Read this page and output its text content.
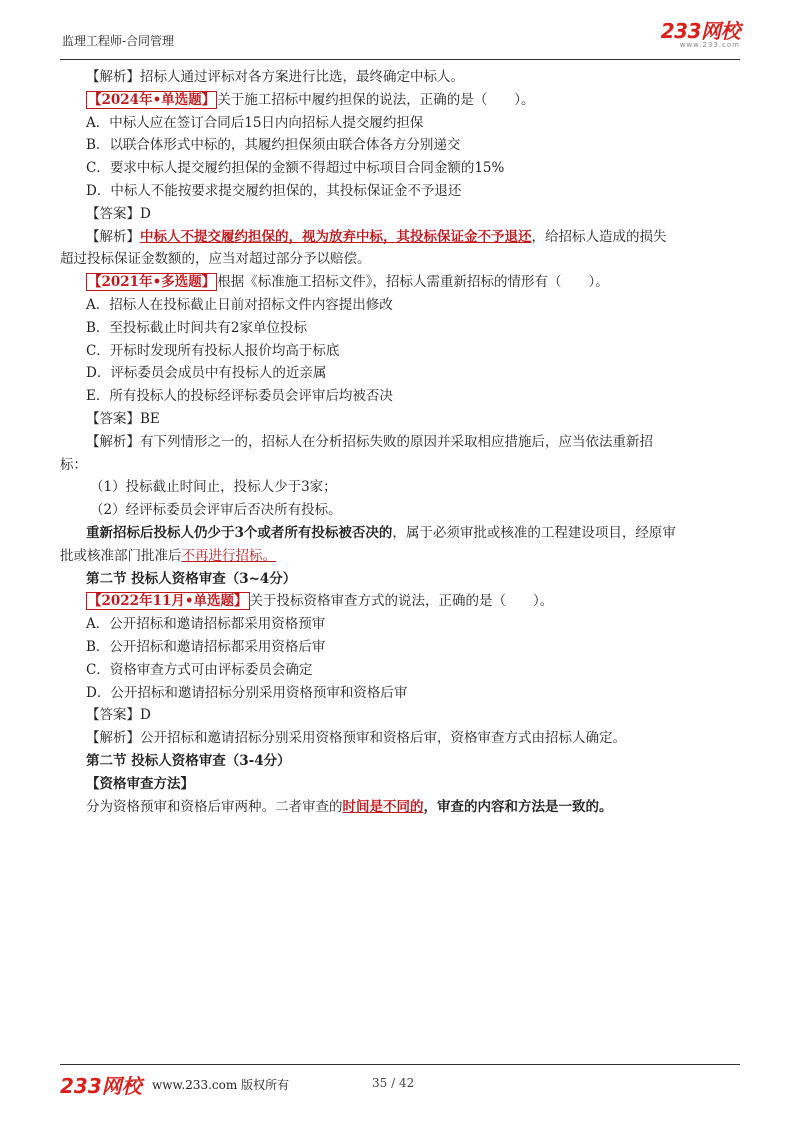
监理工程师-合同管理	233网校
www.233.com
【解析】招标人通过评标对各方案进行比选，最终确定中标人。
【2024年•单选题】 关于施工招标中履约担保的说法，正确的是（　　）。
A．中标人应在签订合同后15日内向招标人提交履约担保
B．以联合体形式中标的，其履约担保须由联合体各方分别递交
C．要求中标人提交履约担保的金额不得超过中标项目合同金额的15%
D．中标人不能按要求提交履约担保的，其投标保证金不予退还
【答案】D
【解析】中标人不提交履约担保的，视为放弃中标，其投标保证金不予退还，给招标人造成的损失
超过投标保证金数额的，应当对超过部分予以赔偿。
【2021年•多选题】 根据《标准施工招标文件》，招标人需重新招标的情形有（　　）。
A．招标人在投标截止日前对招标文件内容提出修改
B．至投标截止时间共有2家单位投标
C．开标时发现所有投标人报价均高于标底
D．评标委员会成员中有投标人的近亲属
E．所有投标人的投标经评标委员会评审后均被否决
【答案】BE
【解析】有下列情形之一的，招标人在分析招标失败的原因并采取相应措施后，应当依法重新招
标：
（1）投标截止时间止，投标人少于3家；
（2）经评标委员会评审后否决所有投标。
重新招标后投标人仍少于3个或者所有投标被否决的，属于必须审批或核准的工程建设项目，经原审
批或核准部门批准后不再进行招标。
第二节 投标人资格审查（3~4分）
【2022年11月•单选题】 关于投标资格审查方式的说法，正确的是（　　）。
A．公开招标和邀请招标都采用资格预审
B．公开招标和邀请招标都采用资格后审
C．资格审查方式可由评标委员会确定
D．公开招标和邀请招标分别采用资格预审和资格后审
【答案】D
【解析】公开招标和邀请招标分别采用资格预审和资格后审，资格审查方式由招标人确定。
第二节 投标人资格审查（3-4分）
【资格审查方法】
分为资格预审和资格后审两种。二者审查的时间是不同的，审查的内容和方法是一致的。
233网校 www.233.com 版权所有	35 / 42
